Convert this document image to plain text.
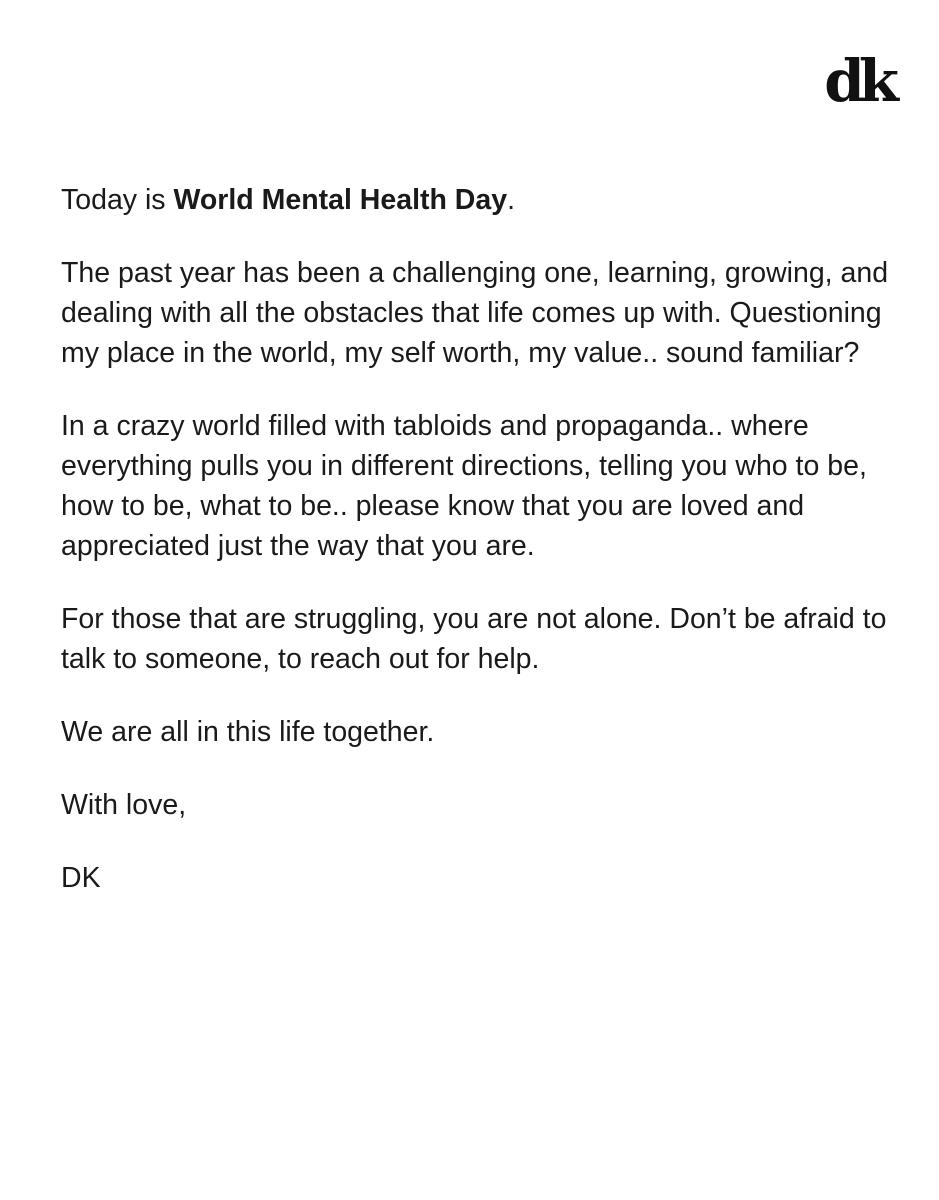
dk

Today is World Mental Health Day.

The past year has been a challenging one, learning, growing, and dealing with all the obstacles that life comes up with. Questioning my place in the world, my self worth, my value.. sound familiar?

In a crazy world filled with tabloids and propaganda.. where everything pulls you in different directions, telling you who to be, how to be, what to be.. please know that you are loved and appreciated just the way that you are.

For those that are struggling, you are not alone. Don’t be afraid to talk to someone, to reach out for help.

We are all in this life together.

With love,

DK
